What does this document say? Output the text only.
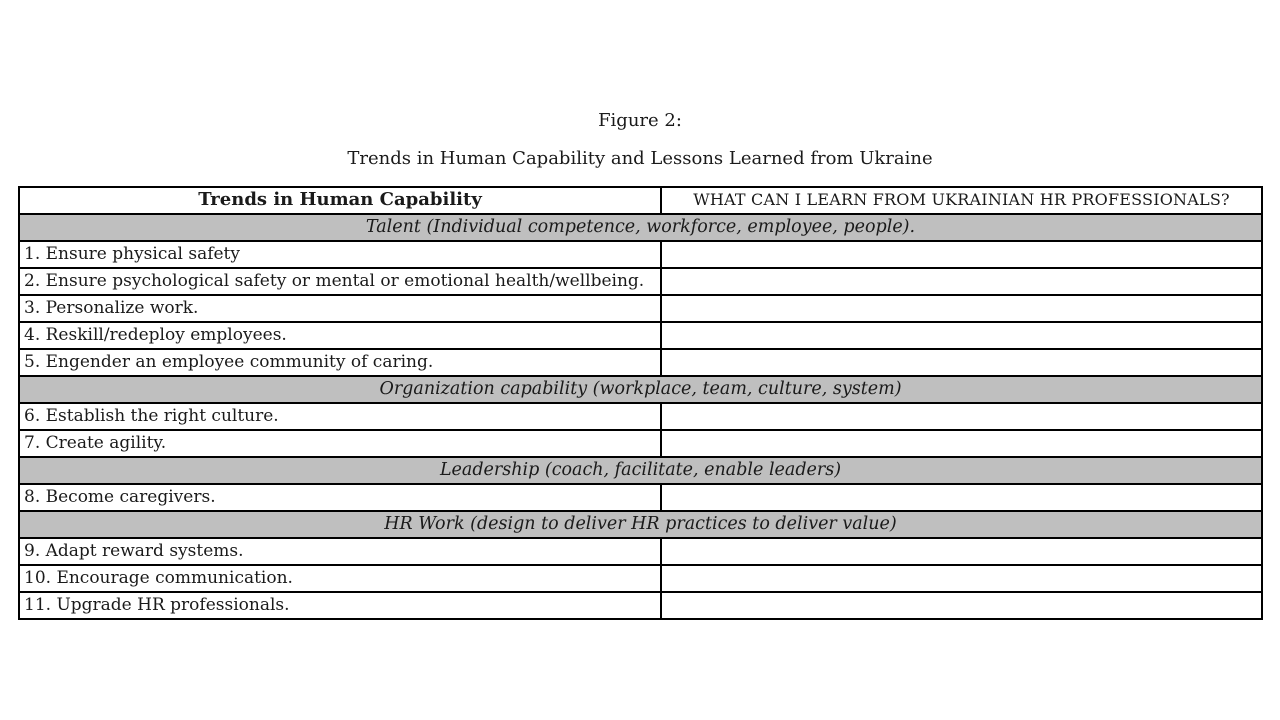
Figure 2:
Trends in Human Capability and Lessons Learned from Ukraine
Trends in Human Capability	WHAT CAN I LEARN FROM UKRAINIAN HR PROFESSIONALS?
Talent (Individual competence, workforce, employee, people).	
1. Ensure physical safety	
2. Ensure psychological safety or mental or emotional health/wellbeing.	
3. Personalize work.	
4. Reskill/redeploy employees.	
5. Engender an employee community of caring.	
Organization capability (workplace, team, culture, system)	
6. Establish the right culture.	
7. Create agility.	
Leadership (coach, facilitate, enable leaders)	
8. Become caregivers.	
HR Work (design to deliver HR practices to deliver value)	
9. Adapt reward systems.	
10. Encourage communication.	
11. Upgrade HR professionals.	
